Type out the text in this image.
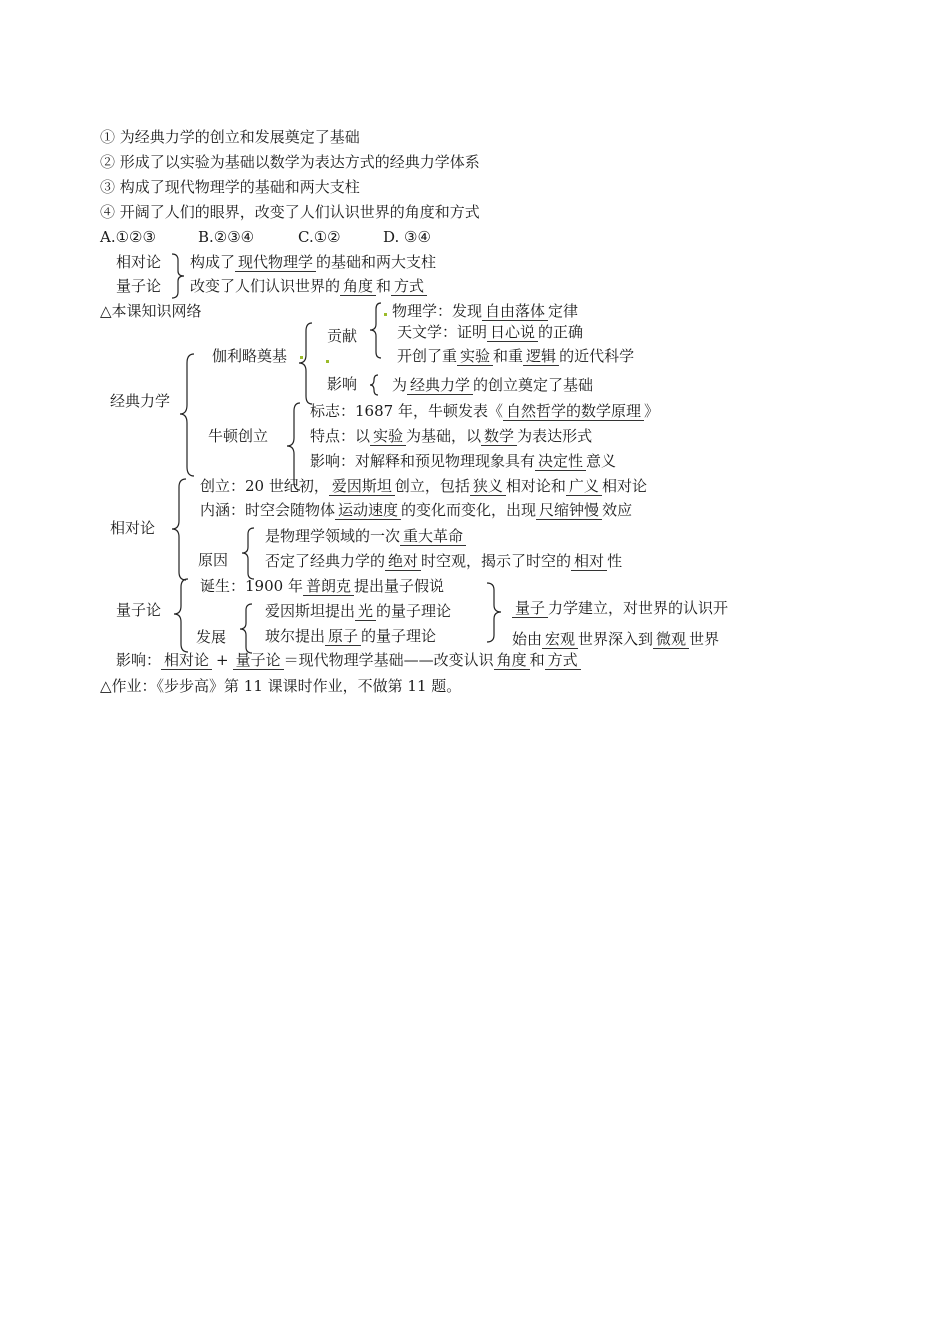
① 为经典力学的创立和发展奠定了基础
② 形成了以实验为基础以数学为表达方式的经典力学体系
③ 构成了现代物理学的基础和两大支柱
④ 开阔了人们的眼界，改变了人们认识世界的角度和方式
A.①②③	B.②③④	C.①②	D. ③④
相对论
量子论
构成了 现代物理学 的基础和两大支柱
改变了人们认识世界的 角度 和 方式
△本课知识网络
经典力学
伽利略奠基
贡献
影响
物理学：发现 自由落体 定律
天文学：证明 日心说 的正确
开创了重 实验 和重 逻辑 的近代科学
为 经典力学 的创立奠定了基础
牛顿创立
标志：1687 年，牛顿发表《 自然哲学的数学原理 》
特点：以 实验 为基础，以 数学 为表达形式
影响：对解释和预见物理现象具有 决定性 意义
相对论
创立：20 世纪初， 爱因斯坦 创立，包括 狭义 相对论和 广义 相对论
内涵：时空会随物体 运动速度 的变化而变化，出现 尺缩钟慢 效应
原因
是物理学领域的一次 重大革命
否定了经典力学的 绝对 时空观，揭示了时空的 相对 性
量子论
诞生：1900 年 普朗克 提出量子假说
发展
爱因斯坦提出 光 的量子理论
玻尔提出 原子 的量子理论
量子 力学建立，对世界的认识开
始由 宏观 世界深入到 微观 世界
影响： 相对论 + 量子论 ＝现代物理学基础——改变认识 角度 和 方式
△作业：《步步高》第 11 课课时作业，不做第 11 题。
